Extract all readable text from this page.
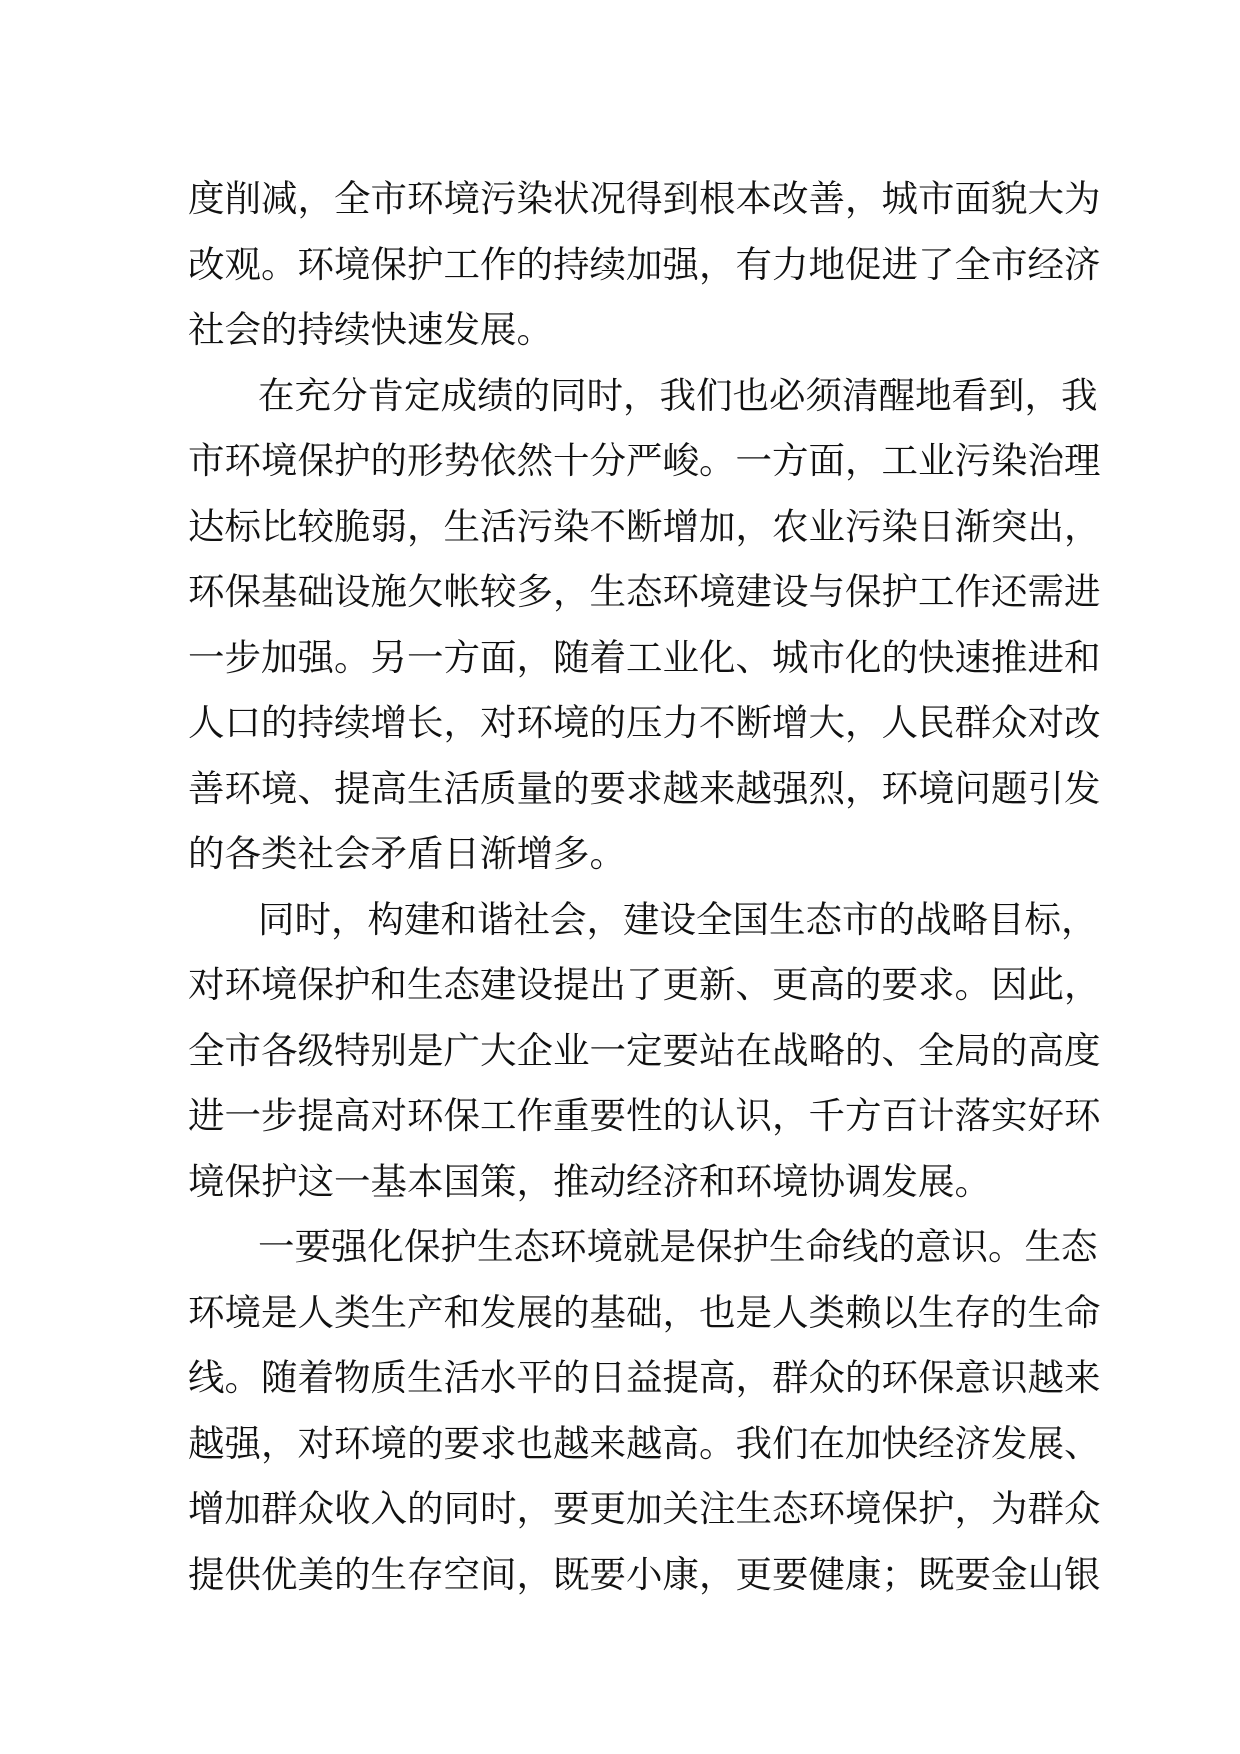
度削减，全市环境污染状况得到根本改善，城市面貌大为
改观。环境保护工作的持续加强，有力地促进了全市经济
社会的持续快速发展。
在充分肯定成绩的同时，我们也必须清醒地看到，我
市环境保护的形势依然十分严峻。一方面，工业污染治理
达标比较脆弱，生活污染不断增加，农业污染日渐突出，
环保基础设施欠帐较多，生态环境建设与保护工作还需进
一步加强。另一方面，随着工业化、城市化的快速推进和
人口的持续增长，对环境的压力不断增大，人民群众对改
善环境、提高生活质量的要求越来越强烈，环境问题引发
的各类社会矛盾日渐增多。
同时，构建和谐社会，建设全国生态市的战略目标，
对环境保护和生态建设提出了更新、更高的要求。因此，
全市各级特别是广大企业一定要站在战略的、全局的高度
进一步提高对环保工作重要性的认识，千方百计落实好环
境保护这一基本国策，推动经济和环境协调发展。
一要强化保护生态环境就是保护生命线的意识。生态
环境是人类生产和发展的基础，也是人类赖以生存的生命
线。随着物质生活水平的日益提高，群众的环保意识越来
越强，对环境的要求也越来越高。我们在加快经济发展、
增加群众收入的同时，要更加关注生态环境保护，为群众
提供优美的生存空间，既要小康，更要健康；既要金山银
